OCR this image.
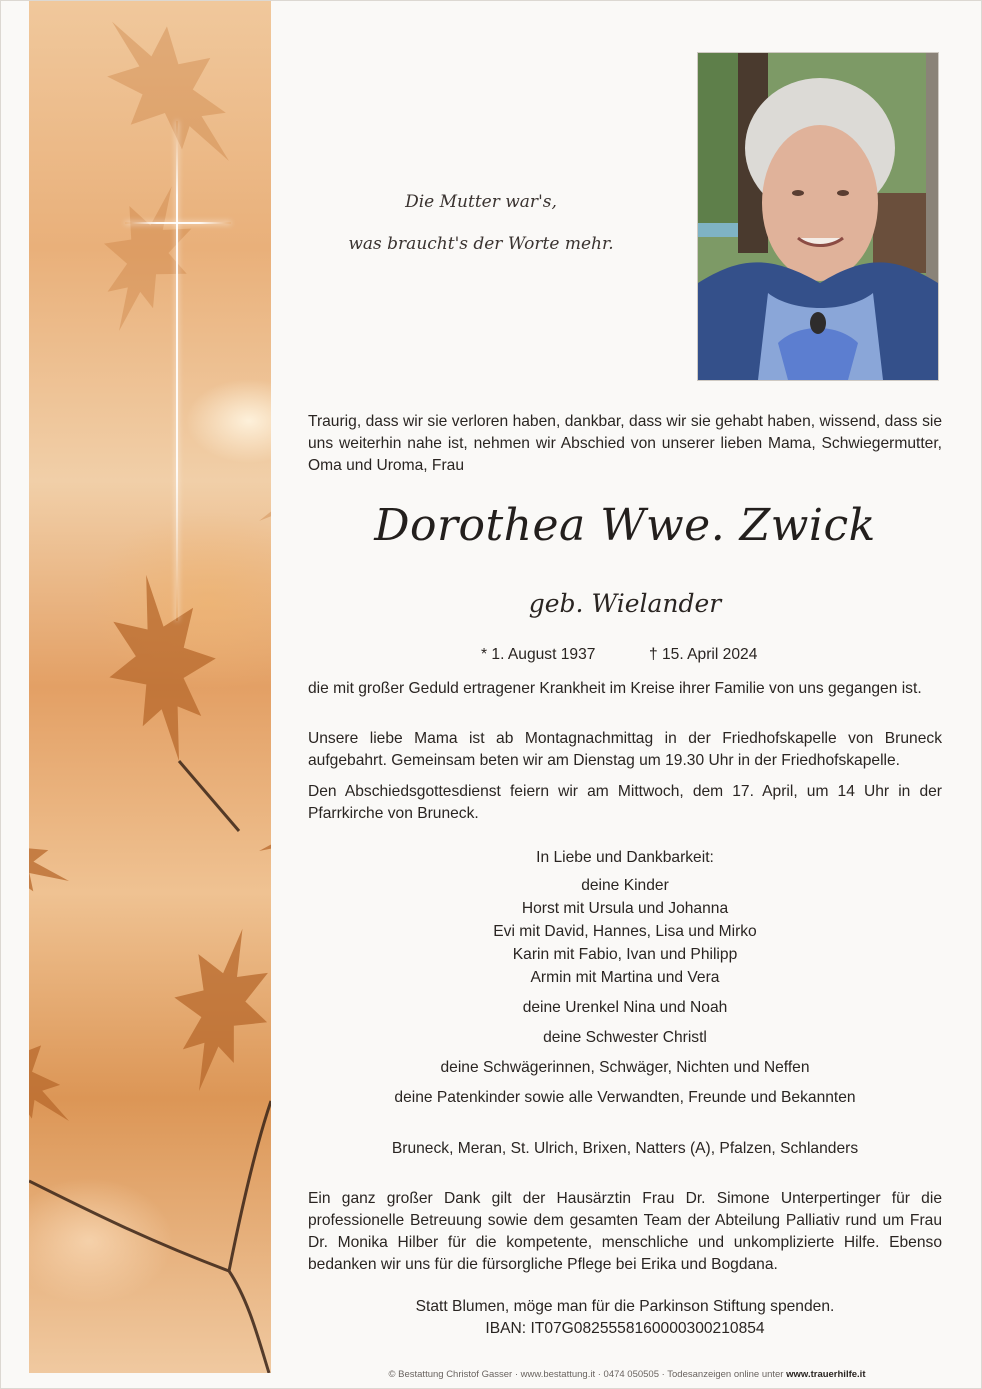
Die Mutter war's,
was braucht's der Worte mehr.
Traurig, dass wir sie verloren haben, dankbar, dass wir sie gehabt haben, wissend, dass sie uns weiterhin nahe ist, nehmen wir Abschied von unserer lieben Mama, Schwiegermutter, Oma und Uroma, Frau
Dorothea Wwe. Zwick
geb. Wielander
* 1. August 1937	† 15. April 2024
die mit großer Geduld ertragener Krankheit im Kreise ihrer Familie von uns gegangen ist.
Unsere liebe Mama ist ab Montagnachmittag in der Friedhofskapelle von Bruneck aufgebahrt. Gemeinsam beten wir am Dienstag um 19.30 Uhr in der Friedhofskapelle.
Den Abschiedsgottesdienst feiern wir am Mittwoch, dem 17. April, um 14 Uhr in der Pfarrkirche von Bruneck.
In Liebe und Dankbarkeit:
deine Kinder
Horst mit Ursula und Johanna
Evi mit David, Hannes, Lisa und Mirko
Karin mit Fabio, Ivan und Philipp
Armin mit Martina und Vera
deine Urenkel Nina und Noah
deine Schwester Christl
deine Schwägerinnen, Schwäger, Nichten und Neffen
deine Patenkinder sowie alle Verwandten, Freunde und Bekannten
Bruneck, Meran, St. Ulrich, Brixen, Natters (A), Pfalzen, Schlanders
Ein ganz großer Dank gilt der Hausärztin Frau Dr. Simone Unterpertinger für die professionelle Betreuung sowie dem gesamten Team der Abteilung Palliativ rund um Frau Dr. Monika Hilber für die kompetente, menschliche und unkomplizierte Hilfe. Ebenso bedanken wir uns für die fürsorgliche Pflege bei Erika und Bogdana.
Statt Blumen, möge man für die Parkinson Stiftung spenden.
IBAN: IT07G0825558160000300210854
© Bestattung Christof Gasser · www.bestattung.it · 0474 050505 · Todesanzeigen online unter www.trauerhilfe.it
